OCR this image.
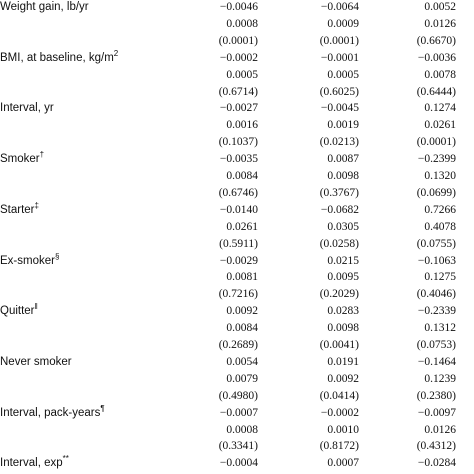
Weight gain, lb/yr	−0.0046	−0.0064	0.0052
0.0008	0.0009	0.0126
(0.0001)	(0.0001)	(0.6670)
BMI, at baseline, $kg/m^2$	−0.0002	−0.0001	−0.0036
0.0005	0.0005	0.0078
(0.6714)	(0.6025)	(0.6444)
Interval, yr	−0.0027	−0.0045	0.1274
0.0016	0.0019	0.0261
(0.1037)	(0.0213)	(0.0001)
Smoker†	−0.0035	0.0087	−0.2399
0.0084	0.0098	0.1320
(0.6746)	(0.3767)	(0.0699)
Starter‡	−0.0140	−0.0682	0.7266
0.0261	0.0305	0.4078
(0.5911)	(0.0258)	(0.0755)
Ex-smoker§	−0.0029	0.0215	−0.1063
0.0081	0.0095	0.1275
(0.7216)	(0.2029)	(0.4046)
Quitter‖	0.0092	0.0283	−0.2339
0.0084	0.0098	0.1312
(0.2689)	(0.0041)	(0.0753)
Never smoker	0.0054	0.0191	−0.1464
0.0079	0.0092	0.1239
(0.4980)	(0.0414)	(0.2380)
Interval, pack-years¶	−0.0007	−0.0002	−0.0097
0.0008	0.0010	0.0126
(0.3341)	(0.8172)	(0.4312)
Interval, exp**	−0.0004	0.0007	−0.0284
